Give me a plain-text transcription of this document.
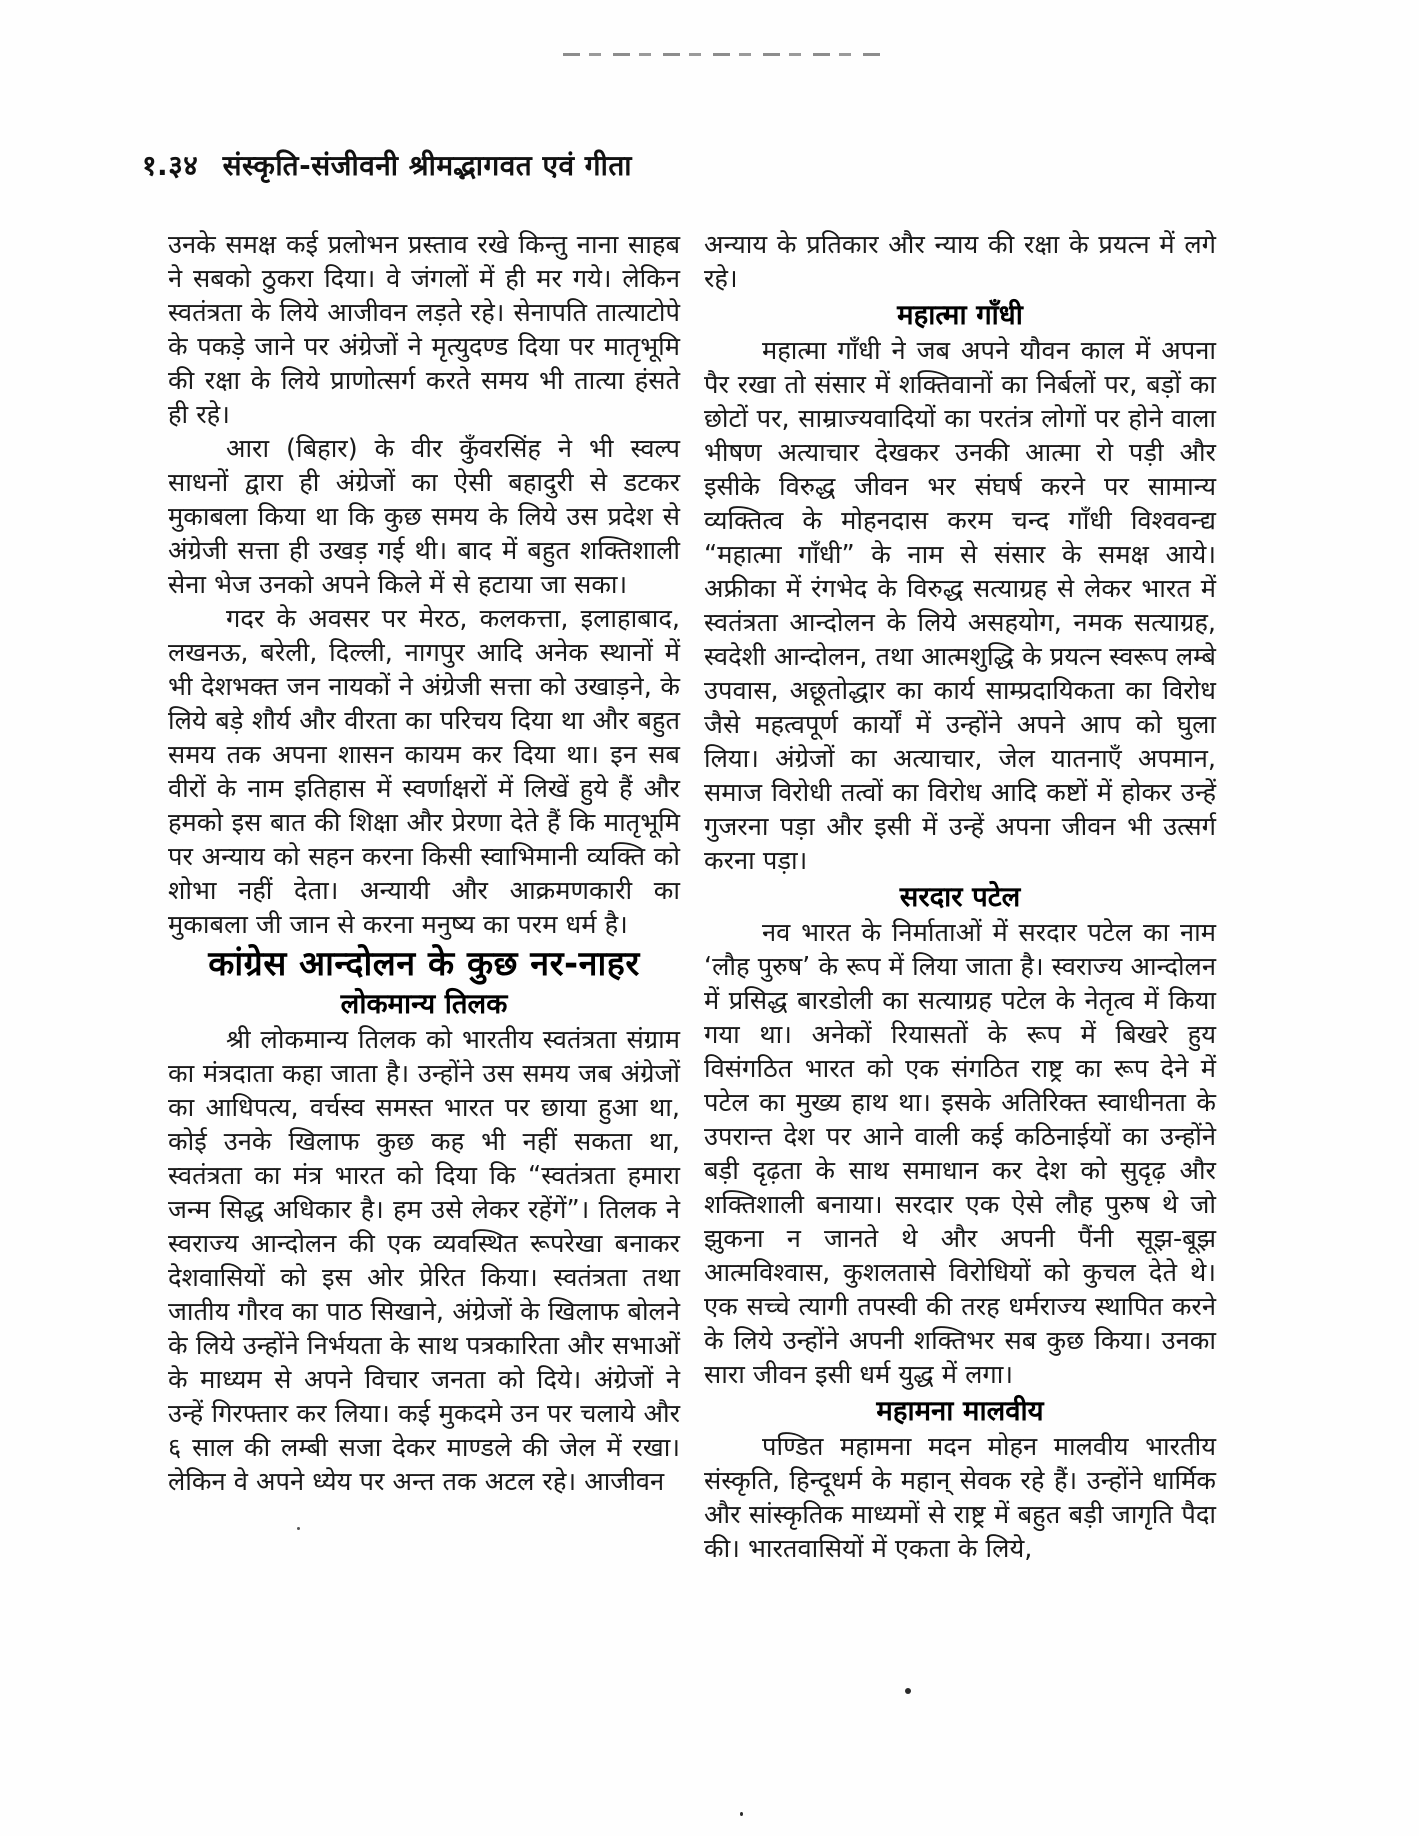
१.३४ संस्कृति-संजीवनी श्रीमद्भागवत एवं गीता

उनके समक्ष कई प्रलोभन प्रस्ताव रखे किन्तु नाना साहब ने सबको ठुकरा दिया। वे जंगलों में ही मर गये। लेकिन स्वतंत्रता के लिये आजीवन लड़ते रहे। सेनापति तात्याटोपे के पकड़े जाने पर अंग्रेजों ने मृत्युदण्ड दिया पर मातृभूमि की रक्षा के लिये प्राणोत्सर्ग करते समय भी तात्या हंसते ही रहे।

आरा (बिहार) के वीर कुँवरसिंह ने भी स्वल्प साधनों द्वारा ही अंग्रेजों का ऐसी बहादुरी से डटकर मुकाबला किया था कि कुछ समय के लिये उस प्रदेश से अंग्रेजी सत्ता ही उखड़ गई थी। बाद में बहुत शक्तिशाली सेना भेज उनको अपने किले में से हटाया जा सका।

गदर के अवसर पर मेरठ, कलकत्ता, इलाहाबाद, लखनऊ, बरेली, दिल्ली, नागपुर आदि अनेक स्थानों में भी देशभक्त जन नायकों ने अंग्रेजी सत्ता को उखाड़ने, के लिये बड़े शौर्य और वीरता का परिचय दिया था और बहुत समय तक अपना शासन कायम कर दिया था। इन सब वीरों के नाम इतिहास में स्वर्णाक्षरों में लिखें हुये हैं और हमको इस बात की शिक्षा और प्रेरणा देते हैं कि मातृभूमि पर अन्याय को सहन करना किसी स्वाभिमानी व्यक्ति को शोभा नहीं देता। अन्यायी और आक्रमणकारी का मुकाबला जी जान से करना मनुष्य का परम धर्म है।

कांग्रेस आन्दोलन के कुछ नर-नाहर
लोकमान्य तिलक

श्री लोकमान्य तिलक को भारतीय स्वतंत्रता संग्राम का मंत्रदाता कहा जाता है। उन्होंने उस समय जब अंग्रेजों का आधिपत्य, वर्चस्व समस्त भारत पर छाया हुआ था, कोई उनके खिलाफ कुछ कह भी नहीं सकता था, स्वतंत्रता का मंत्र भारत को दिया कि “स्वतंत्रता हमारा जन्म सिद्ध अधिकार है। हम उसे लेकर रहेंगें”। तिलक ने स्वराज्य आन्दोलन की एक व्यवस्थित रूपरेखा बनाकर देशवासियों को इस ओर प्रेरित किया। स्वतंत्रता तथा जातीय गौरव का पाठ सिखाने, अंग्रेजों के खिलाफ बोलने के लिये उन्होंने निर्भयता के साथ पत्रकारिता और सभाओं के माध्यम से अपने विचार जनता को दिये। अंग्रेजों ने उन्हें गिरफ्तार कर लिया। कई मुकदमे उन पर चलाये और ६ साल की लम्बी सजा देकर माण्डले की जेल में रखा। लेकिन वे अपने ध्येय पर अन्त तक अटल रहे। आजीवन

अन्याय के प्रतिकार और न्याय की रक्षा के प्रयत्न में लगे रहे।

महात्मा गाँधी

महात्मा गाँधी ने जब अपने यौवन काल में अपना पैर रखा तो संसार में शक्तिवानों का निर्बलों पर, बड़ों का छोटों पर, साम्राज्यवादियों का परतंत्र लोगों पर होने वाला भीषण अत्याचार देखकर उनकी आत्मा रो पड़ी और इसीके विरुद्ध जीवन भर संघर्ष करने पर सामान्य व्यक्तित्व के मोहनदास करम चन्द गाँधी विश्ववन्द्य “महात्मा गाँधी” के नाम से संसार के समक्ष आये। अफ्रीका में रंगभेद के विरुद्ध सत्याग्रह से लेकर भारत में स्वतंत्रता आन्दोलन के लिये असहयोग, नमक सत्याग्रह, स्वदेशी आन्दोलन, तथा आत्मशुद्धि के प्रयत्न स्वरूप लम्बे उपवास, अछूतोद्धार का कार्य साम्प्रदायिकता का विरोध जैसे महत्वपूर्ण कार्यों में उन्होंने अपने आप को घुला लिया। अंग्रेजों का अत्याचार, जेल यातनाएँ अपमान, समाज विरोधी तत्वों का विरोध आदि कष्टों में होकर उन्हें गुजरना पड़ा और इसी में उन्हें अपना जीवन भी उत्सर्ग करना पड़ा।

सरदार पटेल

नव भारत के निर्माताओं में सरदार पटेल का नाम ‘लौह पुरुष’ के रूप में लिया जाता है। स्वराज्य आन्दोलन में प्रसिद्ध बारडोली का सत्याग्रह पटेल के नेतृत्व में किया गया था। अनेकों रियासतों के रूप में बिखरे हुय विसंगठित भारत को एक संगठित राष्ट्र का रूप देने में पटेल का मुख्य हाथ था। इसके अतिरिक्त स्वाधीनता के उपरान्त देश पर आने वाली कई कठिनाईयों का उन्होंने बड़ी दृढ़ता के साथ समाधान कर देश को सुदृढ़ और शक्तिशाली बनाया। सरदार एक ऐसे लौह पुरुष थे जो झुकना न जानते थे और अपनी पैंनी सूझ-बूझ आत्मविश्वास, कुशलतासे विरोधियों को कुचल देते थे। एक सच्चे त्यागी तपस्वी की तरह धर्मराज्य स्थापित करने के लिये उन्होंने अपनी शक्तिभर सब कुछ किया। उनका सारा जीवन इसी धर्म युद्ध में लगा।

महामना मालवीय

पण्डित महामना मदन मोहन मालवीय भारतीय संस्कृति, हिन्दूधर्म के महान् सेवक रहे हैं। उन्होंने धार्मिक और सांस्कृतिक माध्यमों से राष्ट्र में बहुत बड़ी जागृति पैदा की। भारतवासियों में एकता के लिये,
